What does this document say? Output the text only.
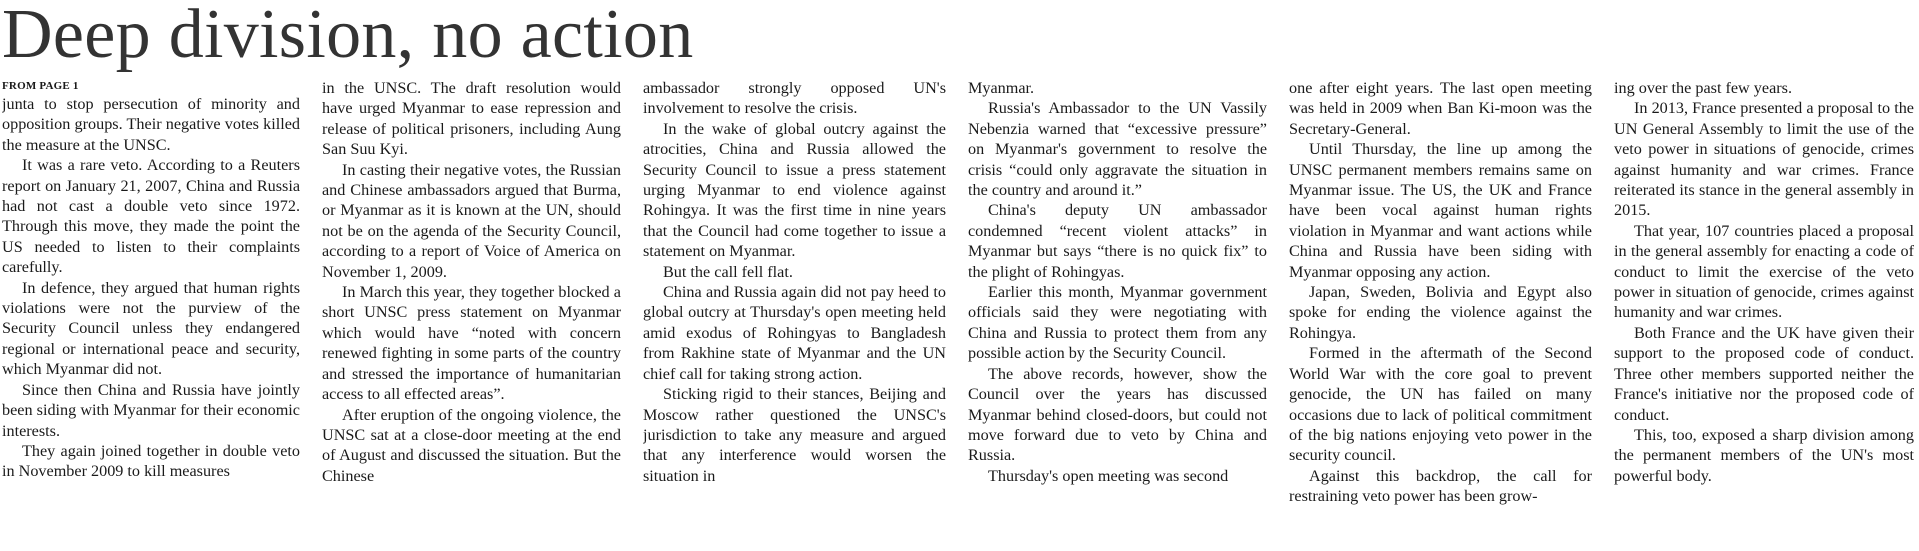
Deep division, no action
FROM PAGE 1

junta to stop persecution of minority and opposition groups. Their negative votes killed the measure at the UNSC.

It was a rare veto. According to a Reuters report on January 21, 2007, China and Russia had not cast a double veto since 1972. Through this move, they made the point the US needed to listen to their complaints carefully.

In defence, they argued that human rights violations were not the purview of the Security Council unless they endangered regional or international peace and security, which Myanmar did not.

Since then China and Russia have jointly been siding with Myanmar for their economic interests.

They again joined together in double veto in November 2009 to kill measures

in the UNSC. The draft resolution would have urged Myanmar to ease repression and release of political prisoners, including Aung San Suu Kyi.

In casting their negative votes, the Russian and Chinese ambassadors argued that Burma, or Myanmar as it is known at the UN, should not be on the agenda of the Security Council, according to a report of Voice of America on November 1, 2009.

In March this year, they together blocked a short UNSC press statement on Myanmar which would have “noted with concern renewed fighting in some parts of the country and stressed the importance of humanitarian access to all effected areas”.

After eruption of the ongoing violence, the UNSC sat at a close-door meeting at the end of August and discussed the situation. But the Chinese

ambassador strongly opposed UN's involvement to resolve the crisis.

In the wake of global outcry against the atrocities, China and Russia allowed the Security Council to issue a press statement urging Myanmar to end violence against Rohingya. It was the first time in nine years that the Council had come together to issue a statement on Myanmar.

But the call fell flat.

China and Russia again did not pay heed to global outcry at Thursday's open meeting held amid exodus of Rohingyas to Bangladesh from Rakhine state of Myanmar and the UN chief call for taking strong action.

Sticking rigid to their stances, Beijing and Moscow rather questioned the UNSC's jurisdiction to take any measure and argued that any interference would worsen the situation in

Myanmar.

Russia's Ambassador to the UN Vassily Nebenzia warned that “excessive pressure” on Myanmar's government to resolve the crisis “could only aggravate the situation in the country and around it.”

China's deputy UN ambassador condemned “recent violent attacks” in Myanmar but says “there is no quick fix” to the plight of Rohingyas.

Earlier this month, Myanmar government officials said they were negotiating with China and Russia to protect them from any possible action by the Security Council.

The above records, however, show the Council over the years has discussed Myanmar behind closed-doors, but could not move forward due to veto by China and Russia.

Thursday's open meeting was second

one after eight years. The last open meeting was held in 2009 when Ban Ki-moon was the Secretary-General.

Until Thursday, the line up among the UNSC permanent members remains same on Myanmar issue. The US, the UK and France have been vocal against human rights violation in Myanmar and want actions while China and Russia have been siding with Myanmar opposing any action.

Japan, Sweden, Bolivia and Egypt also spoke for ending the violence against the Rohingya.

Formed in the aftermath of the Second World War with the core goal to prevent genocide, the UN has failed on many occasions due to lack of political commitment of the big nations enjoying veto power in the security council.

Against this backdrop, the call for restraining veto power has been grow-

ing over the past few years.

In 2013, France presented a proposal to the UN General Assembly to limit the use of the veto power in situations of genocide, crimes against humanity and war crimes. France reiterated its stance in the general assembly in 2015.

That year, 107 countries placed a proposal in the general assembly for enacting a code of conduct to limit the exercise of the veto power in situation of genocide, crimes against humanity and war crimes.

Both France and the UK have given their support to the proposed code of conduct. Three other members supported neither the France's initiative nor the proposed code of conduct.

This, too, exposed a sharp division among the permanent members of the UN's most powerful body.
